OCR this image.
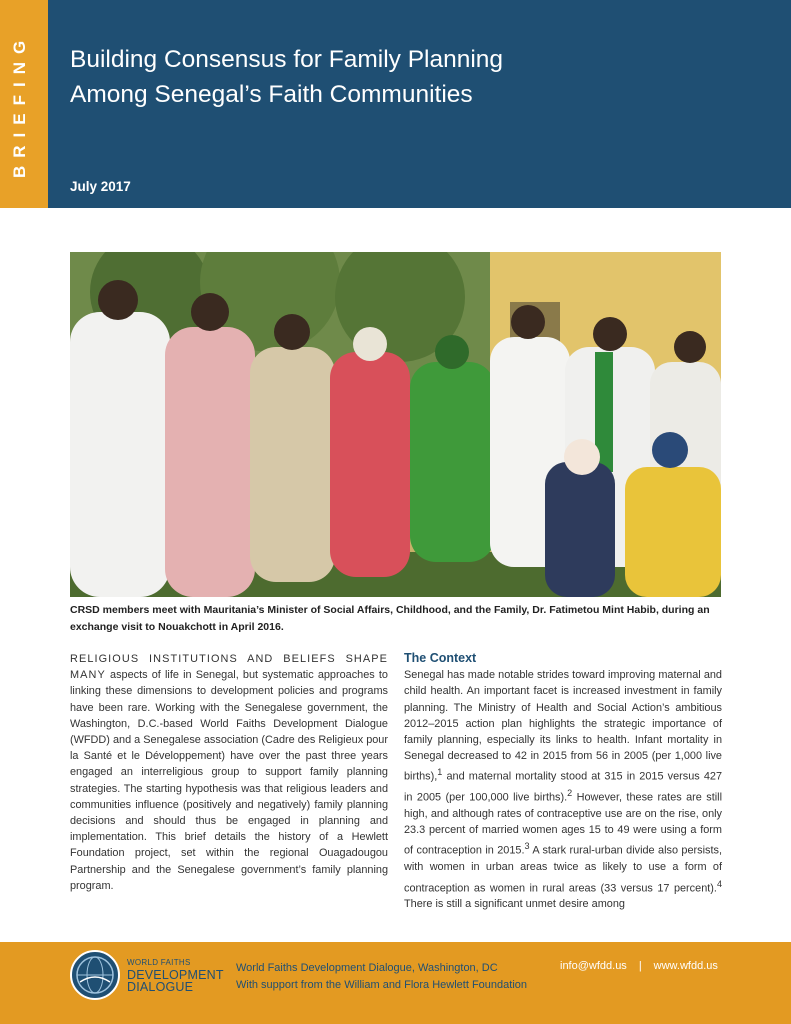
BRIEFING Building Consensus for Family Planning
Among Senegal’s Faith Communities
July 2017
CRSD members meet with Mauritania’s Minister of Social Affairs, Childhood, and the Family, Dr. Fatimetou Mint Habib, during an exchange visit to Nouakchott in April 2016.

RELIGIOUS INSTITUTIONS AND BELIEFS SHAPE MANY aspects of life in Senegal, but systematic approaches to linking these dimensions to development policies and programs have been rare. Working with the Senegalese government, the Washington, D.C.-based World Faiths Development Dialogue (WFDD) and a Senegalese association (Cadre des Religieux pour la Santé et le Développement) have over the past three years engaged an interreligious group to support family planning strategies. The starting hypothesis was that religious leaders and communities influence (positively and negatively) family planning decisions and should thus be engaged in planning and implementation. This brief details the history of a Hewlett Foundation project, set within the regional Ouagadougou Partnership and the Senegalese government’s family planning program.

The Context

Senegal has made notable strides toward improving maternal and child health. An important facet is increased investment in family planning. The Ministry of Health and Social Action’s ambitious 2012–2015 action plan highlights the strategic importance of family planning, especially its links to health. Infant mortality in Senegal decreased to 42 in 2015 from 56 in 2005 (per 1,000 live births),$^1$ and maternal mortality stood at 315 in 2015 versus 427 in 2005 (per 100,000 live births).$^2$ However, these rates are still high, and although rates of contraceptive use are on the rise, only 23.3 percent of married women ages 15 to 49 were using a form of contraception in 2015.$^3$ A stark rural-urban divide also persists, with women in urban areas twice as likely to use a form of contraception as women in rural areas (33 versus 17 percent).$^4$ There is still a significant unmet desire among

WORLD FAITHS
DEVELOPMENT
DIALOGUE
World Faiths Development Dialogue, Washington, DC
With support from the William and Flora Hewlett Foundation
info@wfdd.us | www.wfdd.us
